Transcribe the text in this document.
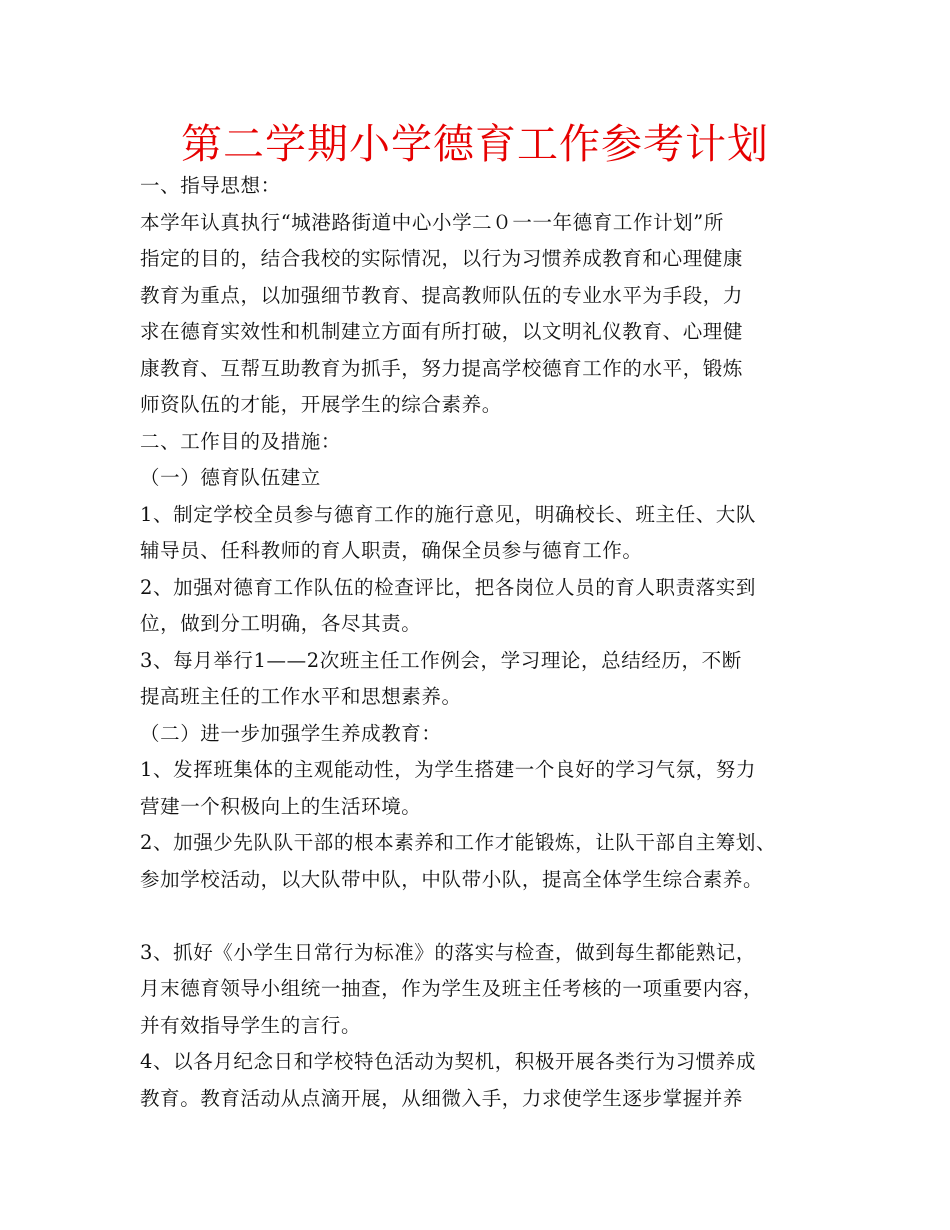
第二学期小学德育工作参考计划
一、指导思想：
本学年认真执行“城港路街道中心小学二０一一年德育工作计划”所
指定的目的，结合我校的实际情况，以行为习惯养成教育和心理健康
教育为重点，以加强细节教育、提高教师队伍的专业水平为手段，力
求在德育实效性和机制建立方面有所打破，以文明礼仪教育、心理健
康教育、互帮互助教育为抓手，努力提高学校德育工作的水平，锻炼
师资队伍的才能，开展学生的综合素养。
二、工作目的及措施：
（一）德育队伍建立
1、制定学校全员参与德育工作的施行意见，明确校长、班主任、大队
辅导员、任科教师的育人职责，确保全员参与德育工作。
2、加强对德育工作队伍的检查评比，把各岗位人员的育人职责落实到
位，做到分工明确，各尽其责。
3、每月举行1——2次班主任工作例会，学习理论，总结经历，不断
提高班主任的工作水平和思想素养。
（二）进一步加强学生养成教育：
1、发挥班集体的主观能动性，为学生搭建一个良好的学习气氛，努力
营建一个积极向上的生活环境。
2、加强少先队队干部的根本素养和工作才能锻炼，让队干部自主筹划、
参加学校活动，以大队带中队，中队带小队，提高全体学生综合素养。
3、抓好《小学生日常行为标准》的落实与检查，做到每生都能熟记，
月末德育领导小组统一抽查，作为学生及班主任考核的一项重要内容，
并有效指导学生的言行。
4、以各月纪念日和学校特色活动为契机，积极开展各类行为习惯养成
教育。教育活动从点滴开展，从细微入手，力求使学生逐步掌握并养
